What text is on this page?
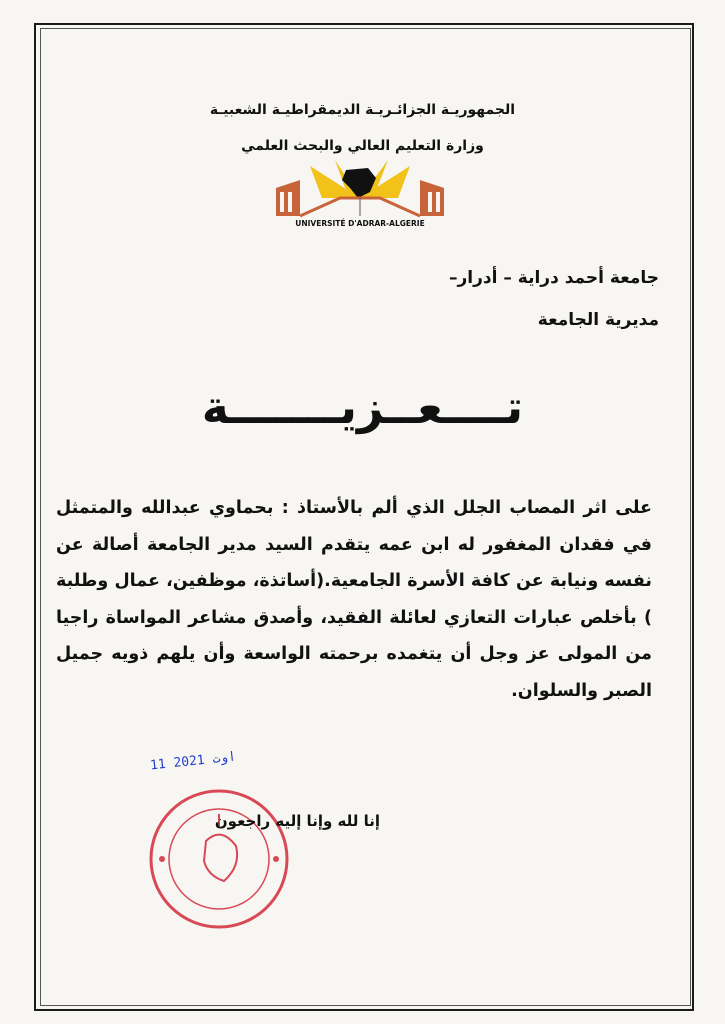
الجمهوريـة الجزائـريـة الديمقراطيـة الشعبيـة
وزارة التعليم العالي والبحث العلمي
UNIVERSITÉ D'ADRAR-ALGERIE
جامعة أحمد دراية – أدرار–
مديرية الجامعة
تــــعــزيـــــــة
على اثر المصاب الجلل الذي ألم بالأستاذ : بحماوي عبدالله والمتمثل في فقدان المغفور له ابن عمه يتقدم السيد مدير الجامعة أصالة عن نفسه ونيابة عن كافة الأسرة الجامعية.(أساتذة، موظفين، عمال وطلبة ) بأخلص عبارات التعازي لعائلة الفقيد، وأصدق مشاعر المواساة راجيا من المولى عز وجل أن يتغمده برحمته الواسعة وأن يلهم ذويه جميل الصبر والسلوان.
11 اوت 2021
إنا لله وإنا إليه راجعون
